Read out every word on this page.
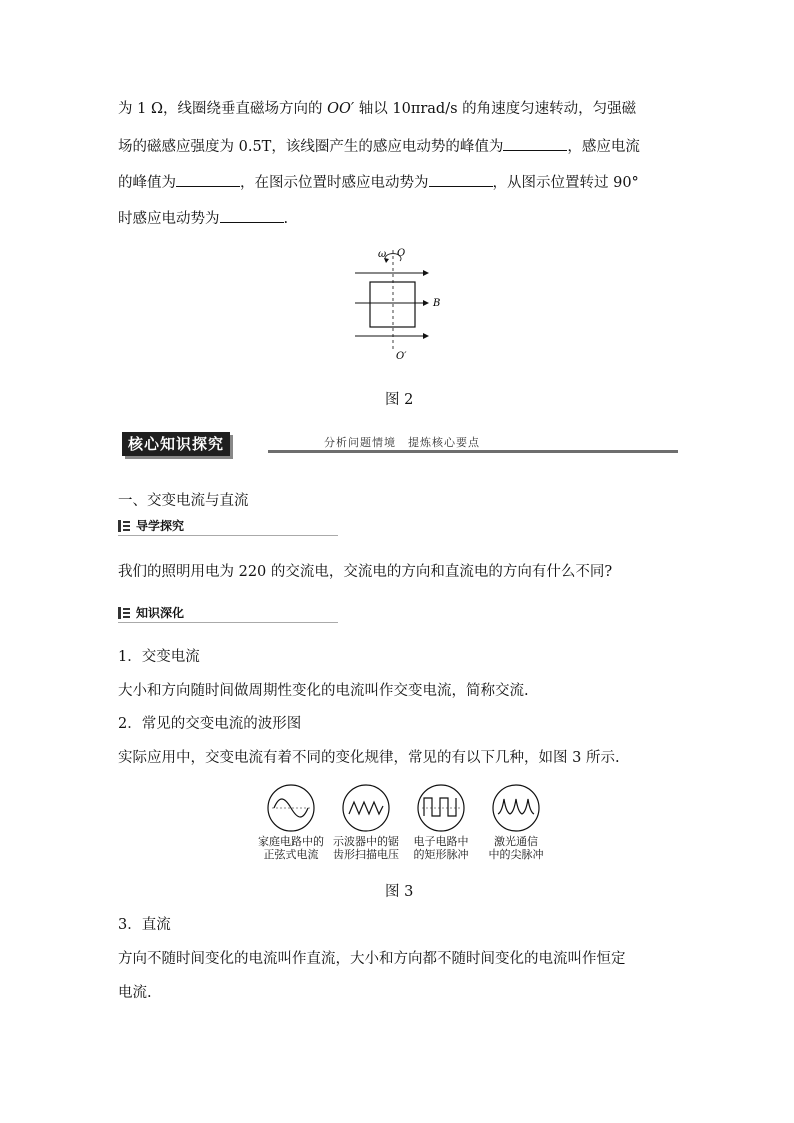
为 1 Ω，线圈绕垂直磁场方向的 OO′ 轴以 10πrad/s 的角速度匀速转动，匀强磁
场的磁感应强度为 0.5T，该线圈产生的感应电动势的峰值为	，感应电流
的峰值为	，在图示位置时感应电动势为	，从图示位置转过 90°
时感应电动势为	.
ω O
O′
B
图 2
核心知识探究	分析问题情境　提炼核心要点
一、交变电流与直流
导学探究
我们的照明用电为 220 的交流电，交流电的方向和直流电的方向有什么不同?
知识深化
1．交变电流
大小和方向随时间做周期性变化的电流叫作交变电流，简称交流.
2．常见的交变电流的波形图
实际应用中，交变电流有着不同的变化规律，常见的有以下几种，如图 3 所示.
家庭电路中的
正弦式电流
示波器中的锯
齿形扫描电压
电子电路中
的矩形脉冲
激光通信
中的尖脉冲
图 3
3．直流
方向不随时间变化的电流叫作直流，大小和方向都不随时间变化的电流叫作恒定
电流.
